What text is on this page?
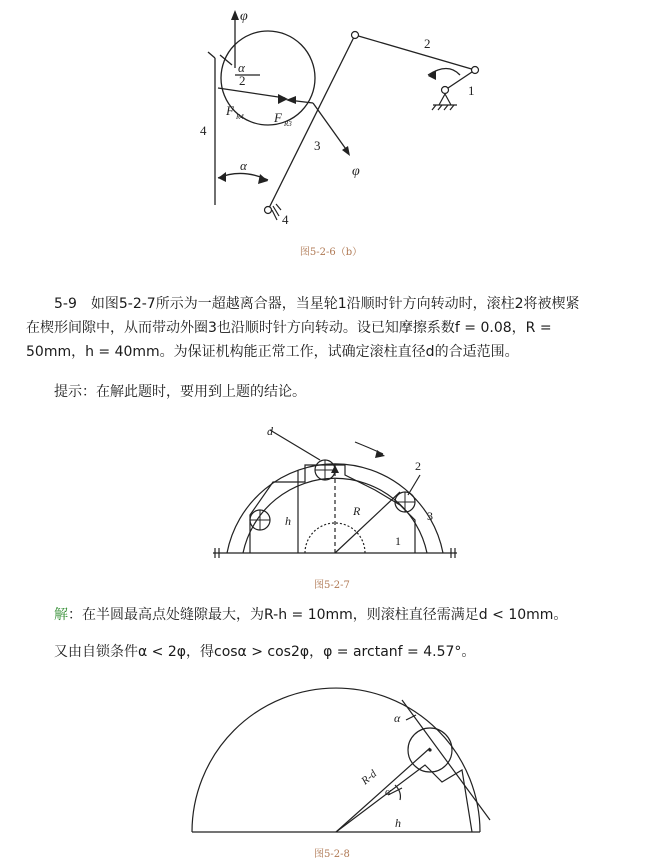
φ
α
2
F R4 F R3
4
3
φ
α
4
2
1
图5-2-6（b）
5-9　如图5-2-7所示为一超越离合器，当星轮1沿顺时针方向转动时，滚柱2将被楔紧
在楔形间隙中，从而带动外圈3也沿顺时针方向转动。设已知摩擦系数f = 0.08，R =
50mm，h = 40mm。为保证机构能正常工作，试确定滚柱直径d的合适范围。
提示：在解此题时，要用到上题的结论。
d
2
h
R	3
1
图5-2-7
解：在半圆最高点处缝隙最大，为R-h = 10mm，则滚柱直径需满足d < 10mm。
又由自锁条件α < 2φ，得cosα > cos2φ，φ = arctanf = 4.57°。
α
R-d
α
h
图5-2-8
